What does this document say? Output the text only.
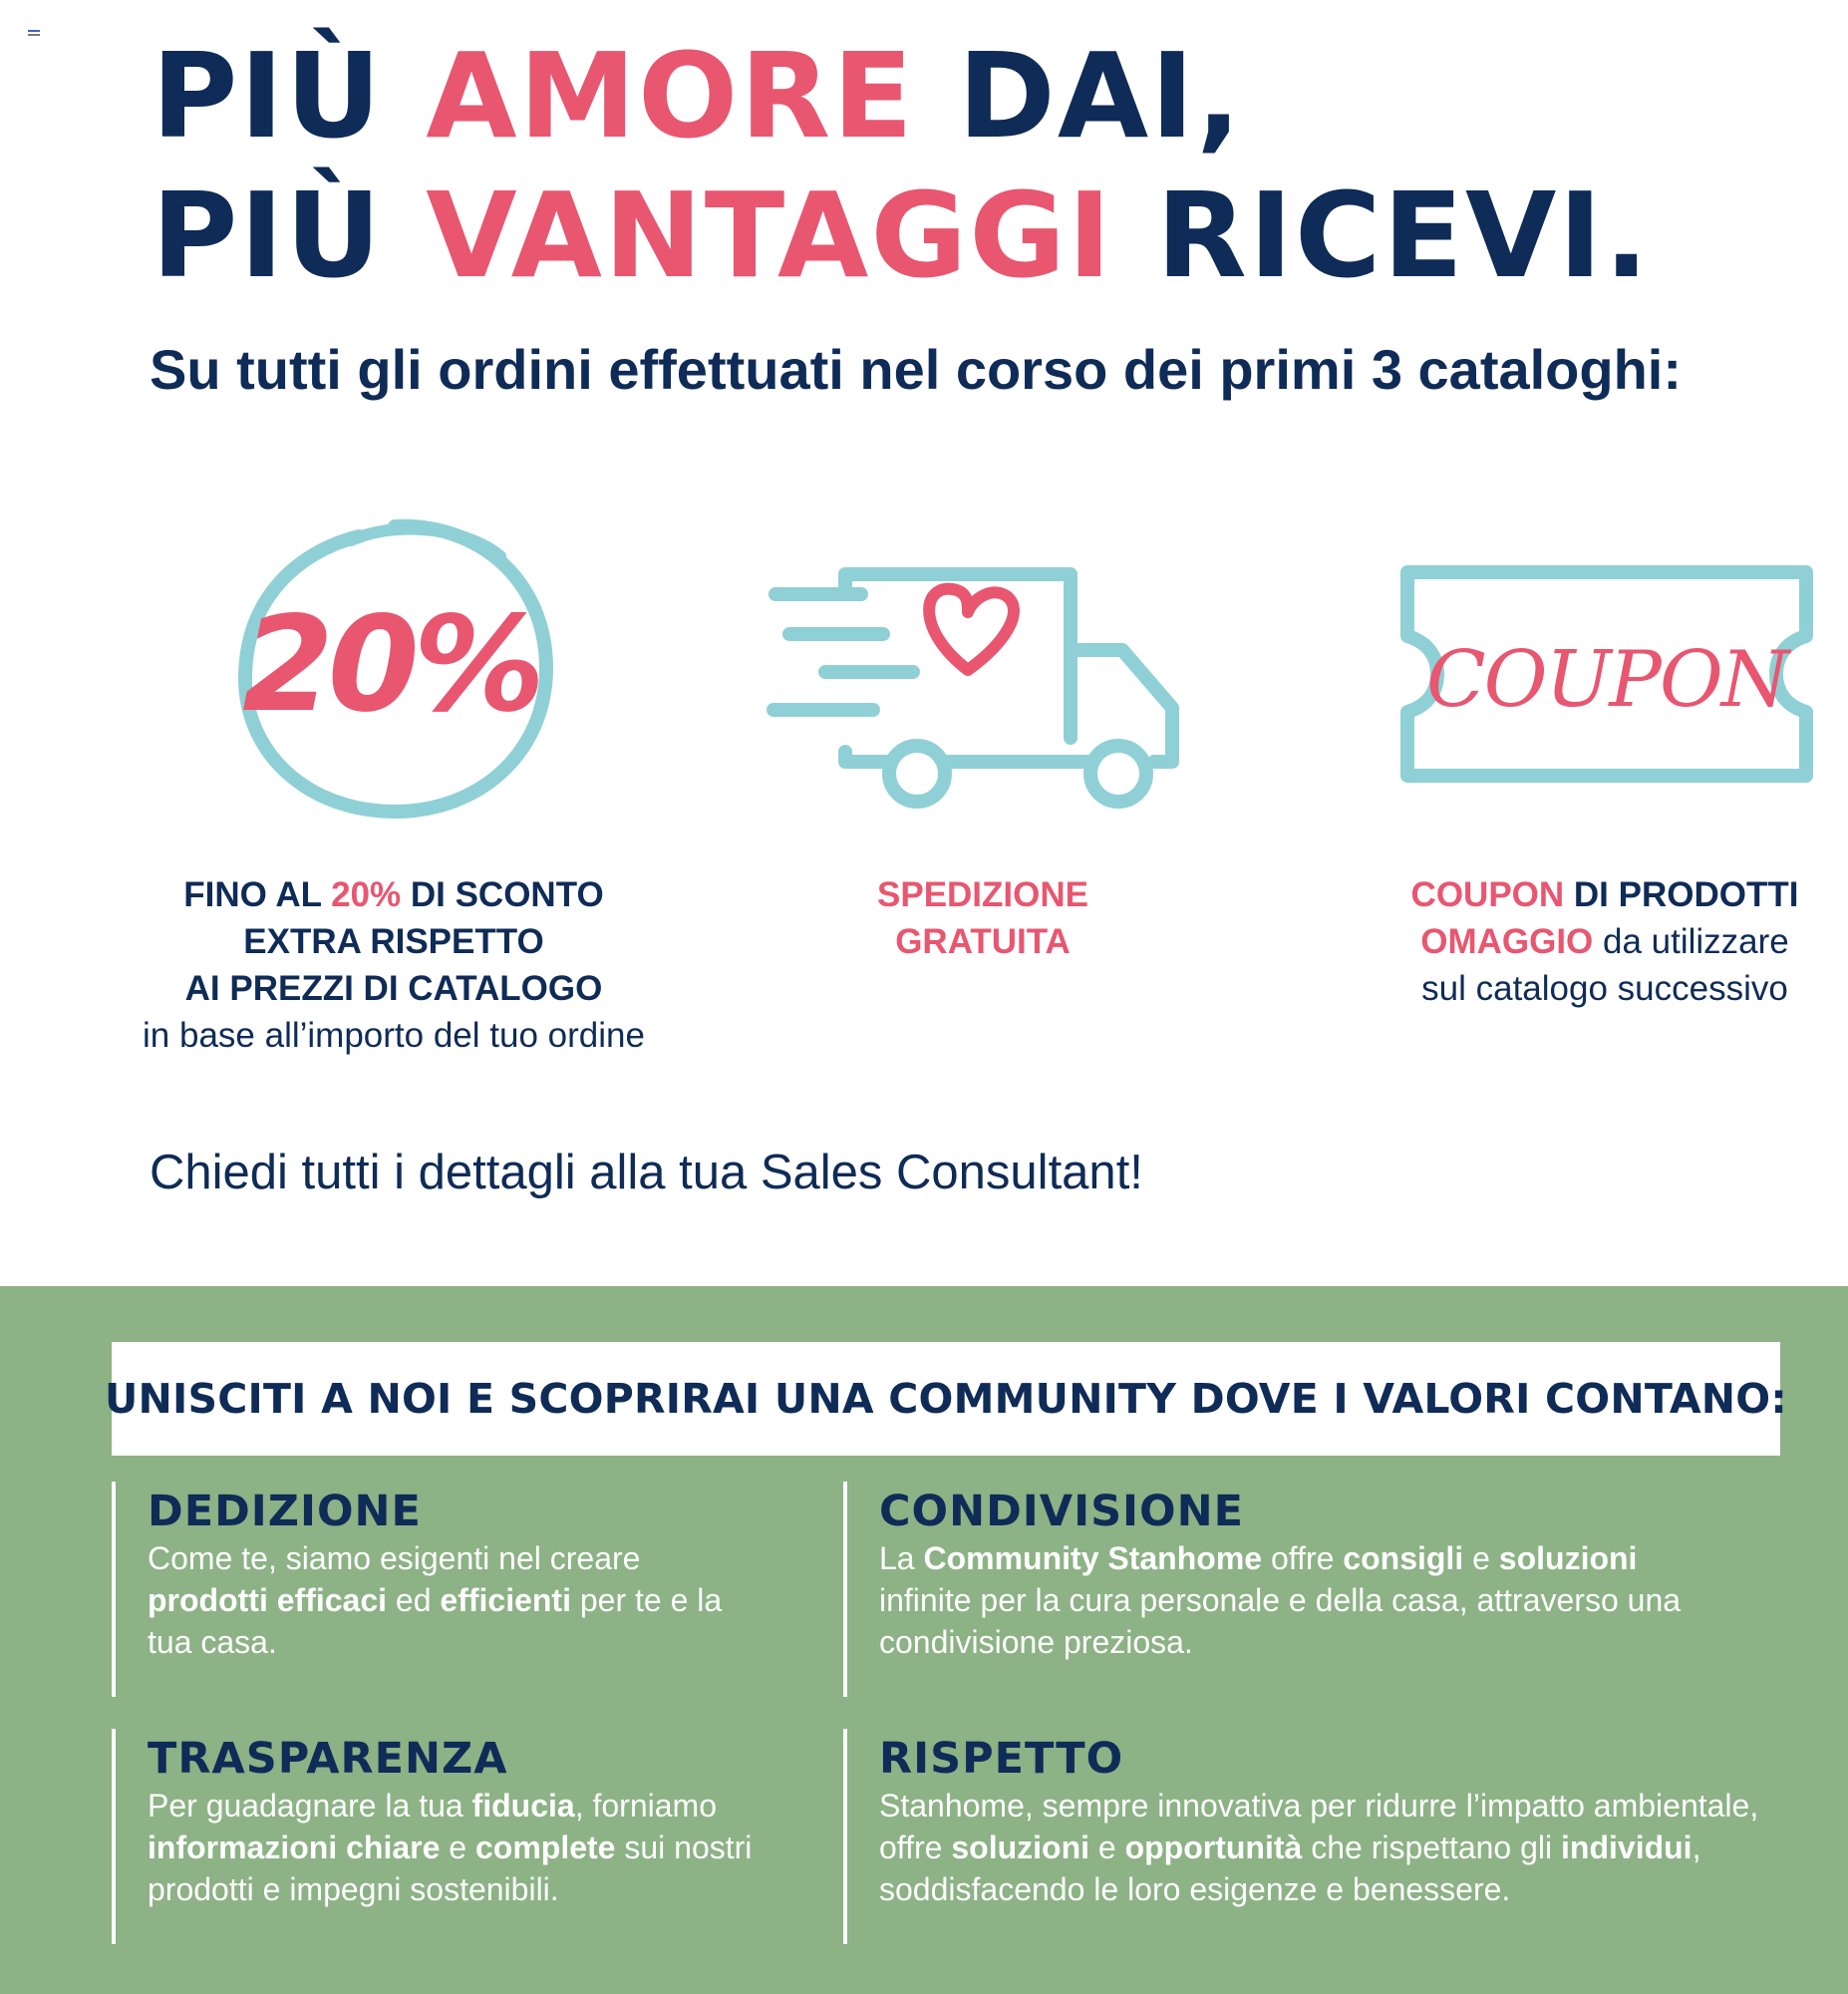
PIÙ AMORE DAI,
PIÙ VANTAGGI RICEVI.
Su tutti gli ordini effettuati nel corso dei primi 3 cataloghi:
20%
FINO AL 20% DI SCONTO
EXTRA RISPETTO
AI PREZZI DI CATALOGO
in base all’importo del tuo ordine
SPEDIZIONE
GRATUITA
COUPON
COUPON DI PRODOTTI
OMAGGIO da utilizzare
sul catalogo successivo
Chiedi tutti i dettagli alla tua Sales Consultant!
UNISCITI A NOI E SCOPRIRAI UNA COMMUNITY DOVE I VALORI CONTANO:
DEDIZIONE
Come te, siamo esigenti nel creare prodotti efficaci ed efficienti per te e la tua casa.
CONDIVISIONE
La Community Stanhome offre consigli e soluzioni infinite per la cura personale e della casa, attraverso una condivisione preziosa.
TRASPARENZA
Per guadagnare la tua fiducia, forniamo informazioni chiare e complete sui nostri prodotti e impegni sostenibili.
RISPETTO
Stanhome, sempre innovativa per ridurre l’impatto ambientale, offre soluzioni e opportunità che rispettano gli individui, soddisfacendo le loro esigenze e benessere.
